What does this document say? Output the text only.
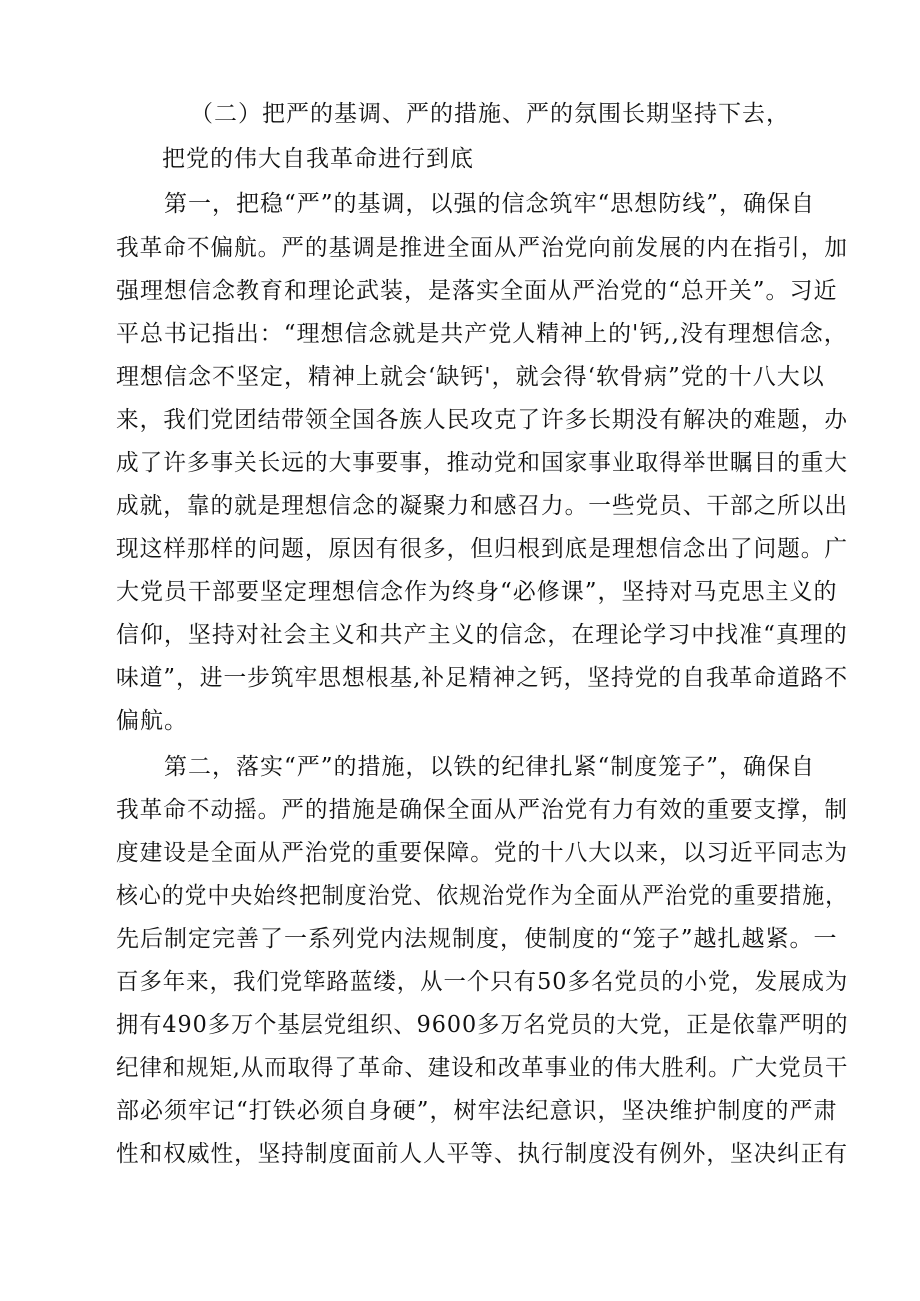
（二）把严的基调、严的措施、严的氛围长期坚持下去，
把党的伟大自我革命进行到底
第一，把稳“严”的基调，以强的信念筑牢“思想防线”，确保自
我革命不偏航。严的基调是推进全面从严治党向前发展的内在指引，加
强理想信念教育和理论武装，是落实全面从严治党的“总开关”。习近
平总书记指出：“理想信念就是共产党人精神上的'钙,,没有理想信念，
理想信念不坚定，精神上就会‘缺钙'，就会得‘软骨病”党的十八大以
来，我们党团结带领全国各族人民攻克了许多长期没有解决的难题，办
成了许多事关长远的大事要事，推动党和国家事业取得举世瞩目的重大
成就，靠的就是理想信念的凝聚力和感召力。一些党员、干部之所以出
现这样那样的问题，原因有很多，但归根到底是理想信念出了问题。广
大党员干部要坚定理想信念作为终身“必修课”，坚持对马克思主义的
信仰，坚持对社会主义和共产主义的信念，在理论学习中找准“真理的
味道”，进一步筑牢思想根基,补足精神之钙，坚持党的自我革命道路不
偏航。
第二，落实“严”的措施，以铁的纪律扎紧“制度笼子”，确保自
我革命不动摇。严的措施是确保全面从严治党有力有效的重要支撑，制
度建设是全面从严治党的重要保障。党的十八大以来，以习近平同志为
核心的党中央始终把制度治党、依规治党作为全面从严治党的重要措施，
先后制定完善了一系列党内法规制度，使制度的“笼子”越扎越紧。一
百多年来，我们党筚路蓝缕，从一个只有50多名党员的小党，发展成为
拥有490多万个基层党组织、9600多万名党员的大党，正是依靠严明的
纪律和规矩,从而取得了革命、建设和改革事业的伟大胜利。广大党员干
部必须牢记“打铁必须自身硬”，树牢法纪意识，坚决维护制度的严肃
性和权威性，坚持制度面前人人平等、执行制度没有例外，坚决纠正有
